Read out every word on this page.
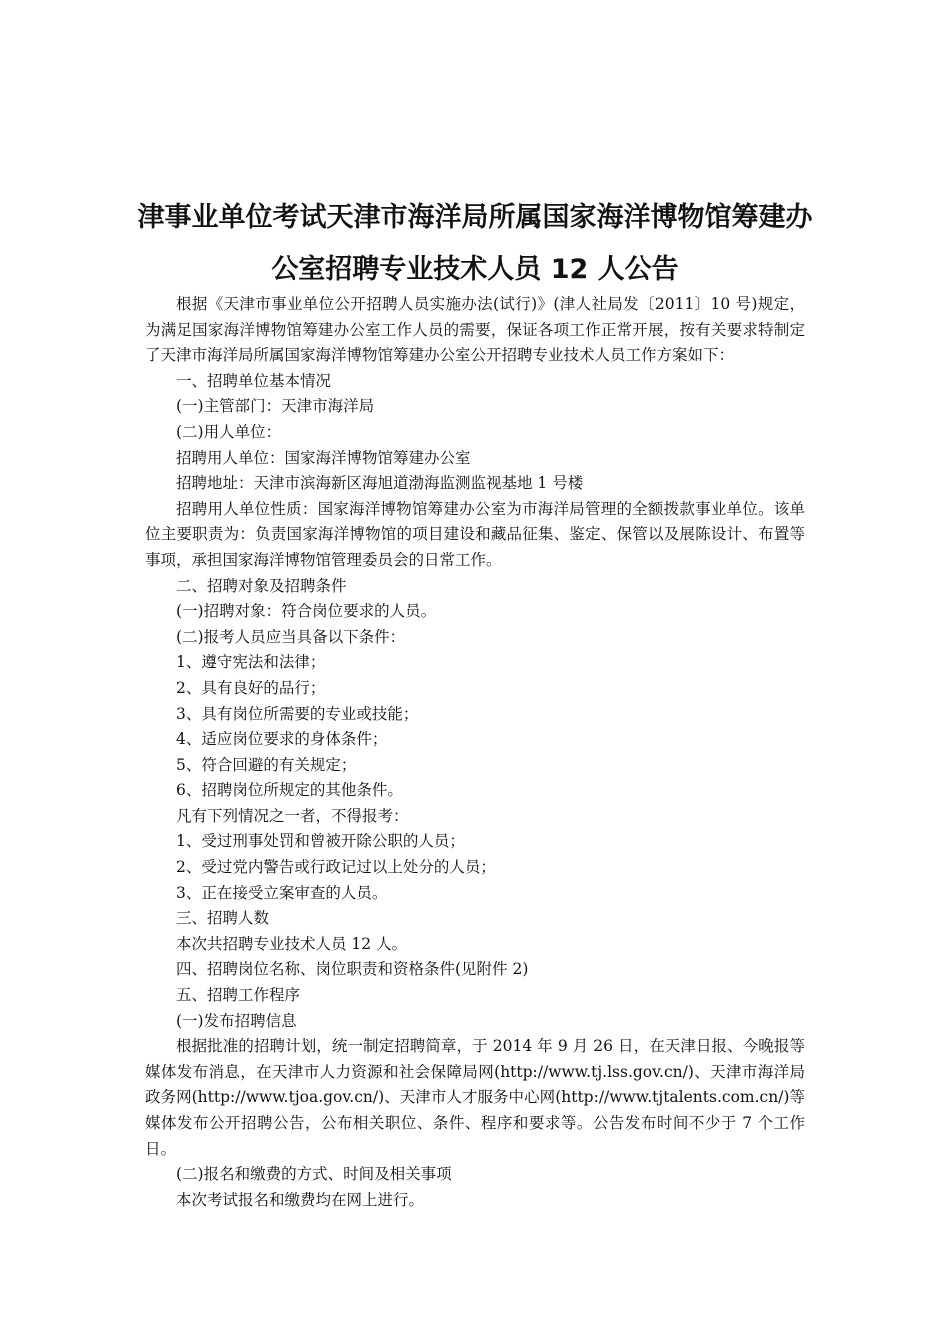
津事业单位考试天津市海洋局所属国家海洋博物馆筹建办
公室招聘专业技术人员 12 人公告

根据《天津市事业单位公开招聘人员实施办法(试行)》(津人社局发〔2011〕10 号)规定，为满足国家海洋博物馆筹建办公室工作人员的需要，保证各项工作正常开展，按有关要求特制定了天津市海洋局所属国家海洋博物馆筹建办公室公开招聘专业技术人员工作方案如下：

一、招聘单位基本情况

(一)主管部门：天津市海洋局

(二)用人单位：

招聘用人单位：国家海洋博物馆筹建办公室

招聘地址：天津市滨海新区海旭道渤海监测监视基地 1 号楼

招聘用人单位性质：国家海洋博物馆筹建办公室为市海洋局管理的全额拨款事业单位。该单位主要职责为：负责国家海洋博物馆的项目建设和藏品征集、鉴定、保管以及展陈设计、布置等事项，承担国家海洋博物馆管理委员会的日常工作。

二、招聘对象及招聘条件

(一)招聘对象：符合岗位要求的人员。

(二)报考人员应当具备以下条件：

1、遵守宪法和法律；

2、具有良好的品行；

3、具有岗位所需要的专业或技能；

4、适应岗位要求的身体条件；

5、符合回避的有关规定；

6、招聘岗位所规定的其他条件。

凡有下列情况之一者，不得报考：

1、受过刑事处罚和曾被开除公职的人员；

2、受过党内警告或行政记过以上处分的人员；

3、正在接受立案审查的人员。

三、招聘人数

本次共招聘专业技术人员 12 人。

四、招聘岗位名称、岗位职责和资格条件(见附件 2)

五、招聘工作程序

(一)发布招聘信息

根据批准的招聘计划，统一制定招聘简章，于 2014 年 9 月 26 日，在天津日报、今晚报等媒体发布消息，在天津市人力资源和社会保障局网(http://www.tj.lss.gov.cn/)、天津市海洋局政务网(http://www.tjoa.gov.cn/)、天津市人才服务中心网(http://www.tjtalents.com.cn/)等媒体发布公开招聘公告，公布相关职位、条件、程序和要求等。公告发布时间不少于 7 个工作日。

(二)报名和缴费的方式、时间及相关事项

本次考试报名和缴费均在网上进行。
